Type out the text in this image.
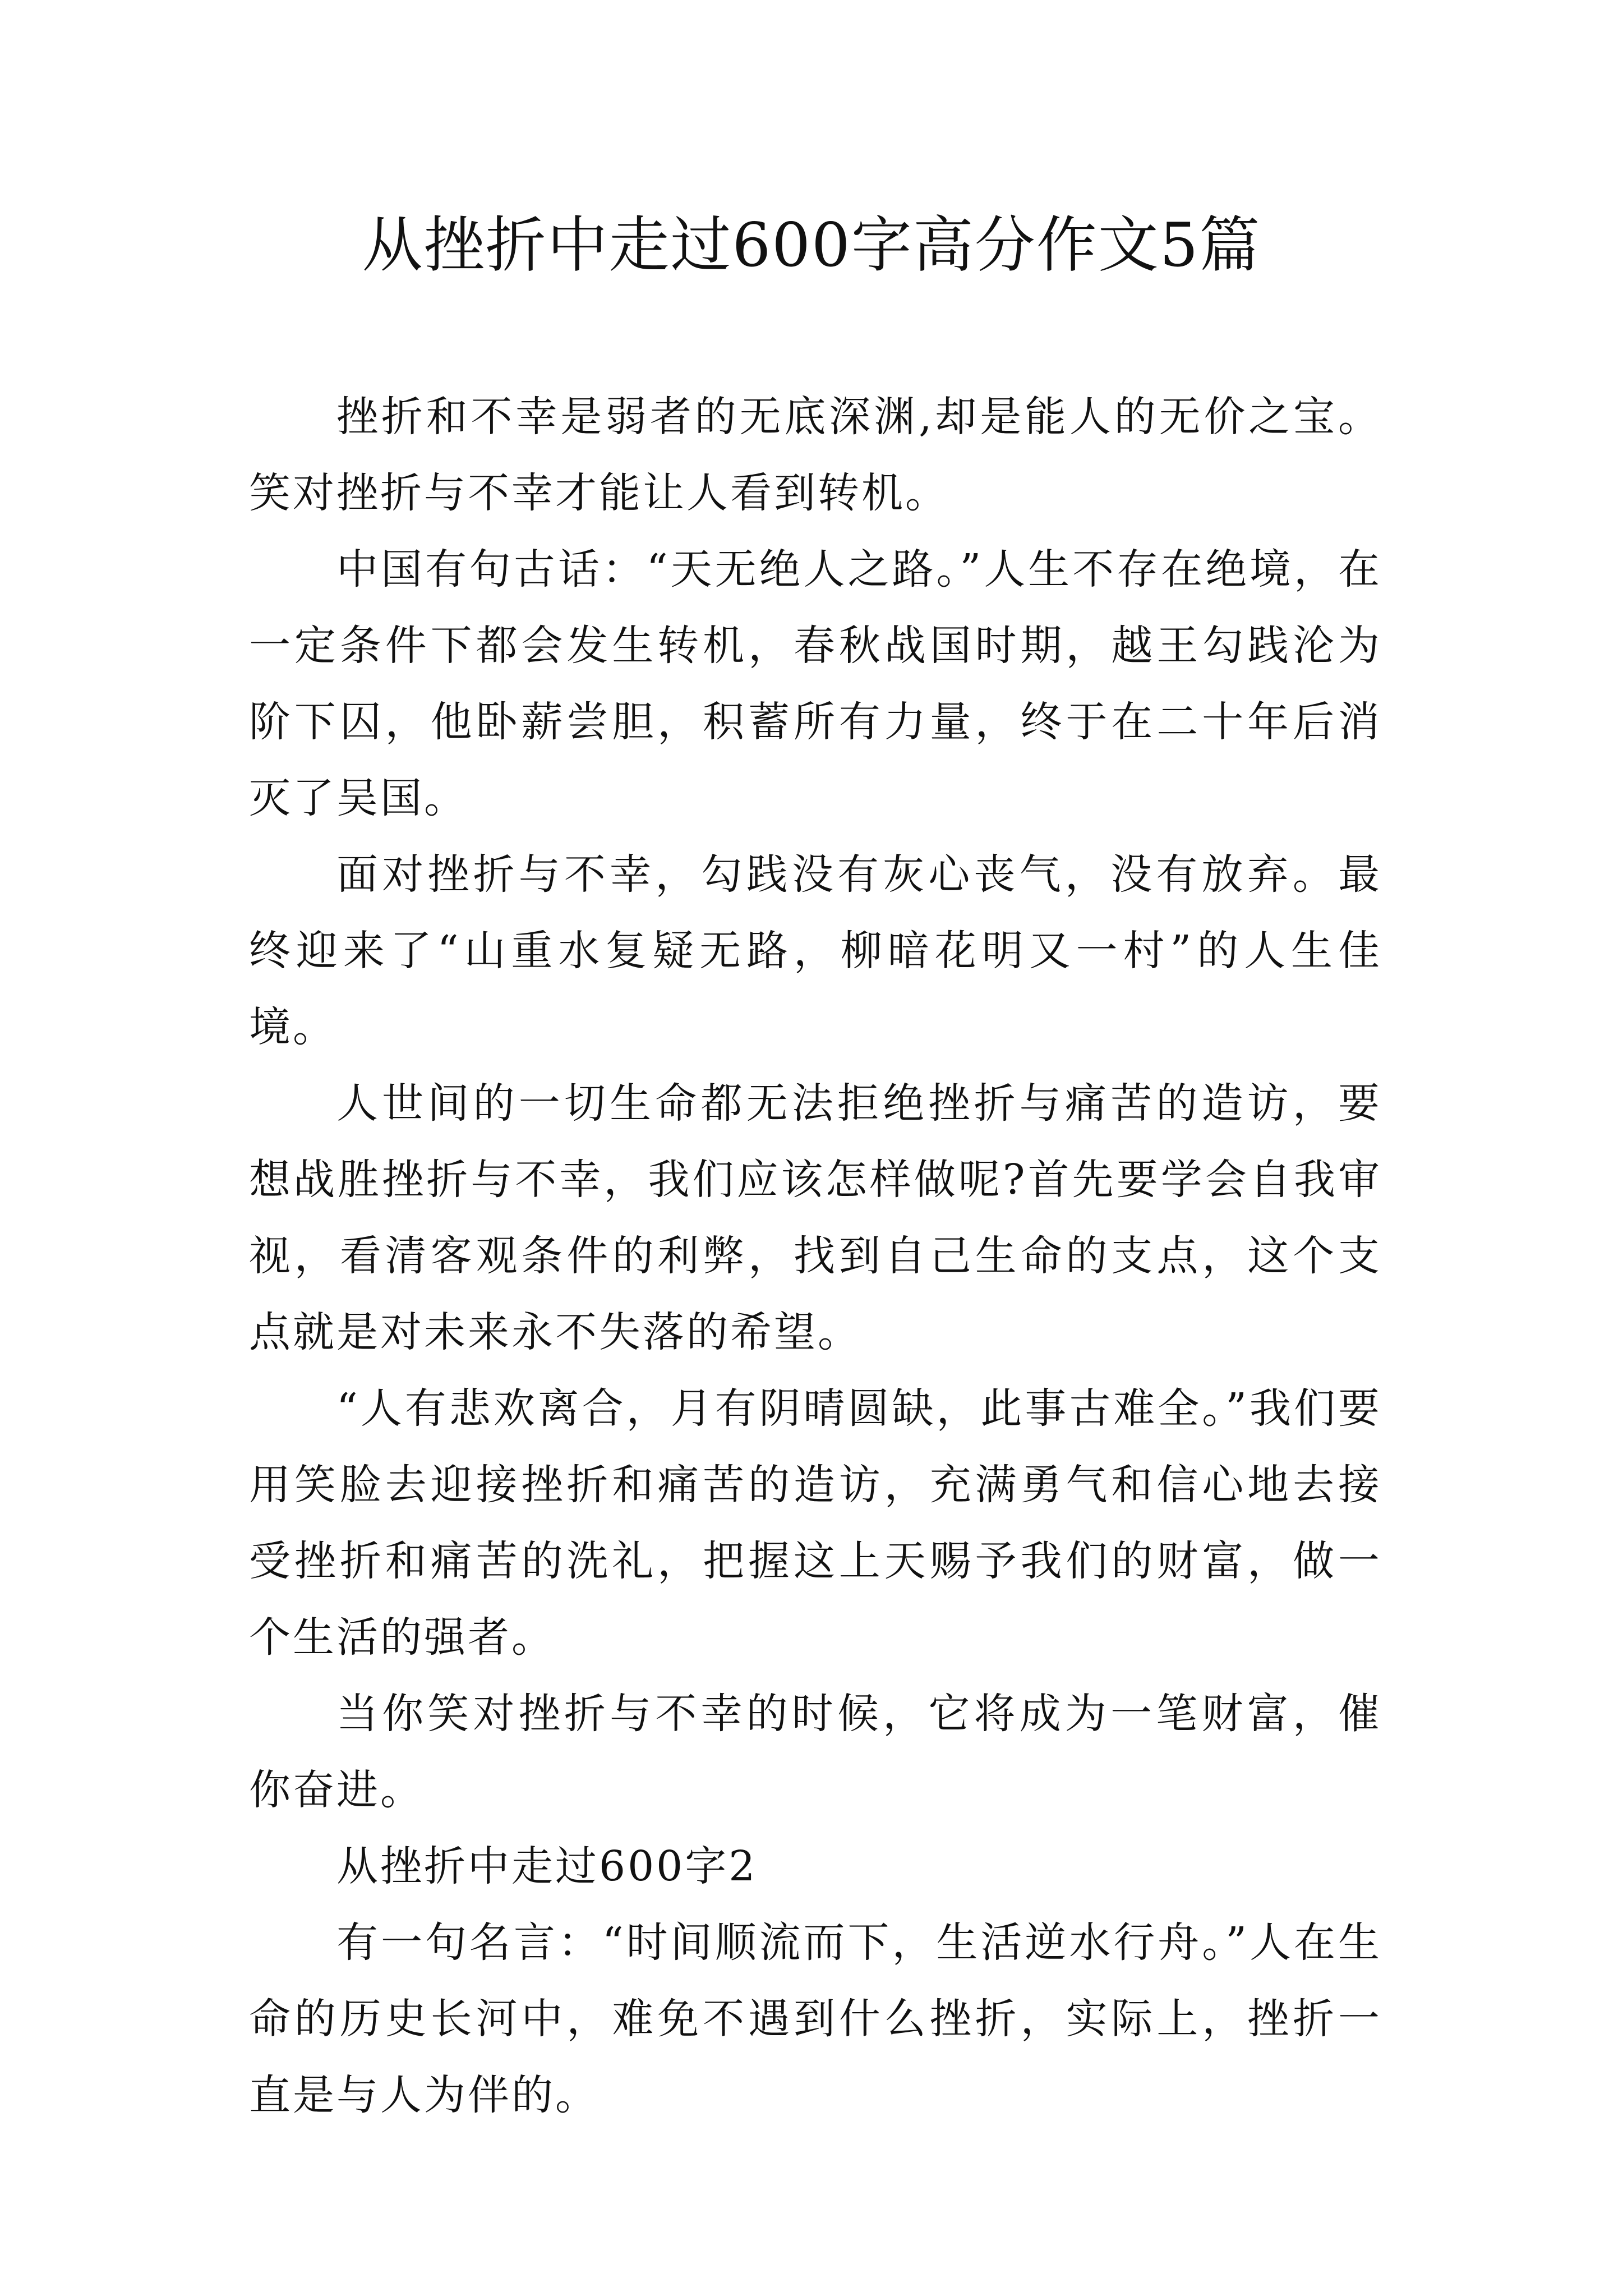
从挫折中走过600字高分作文5篇

挫折和不幸是弱者的无底深渊,却是能人的无价之宝。笑对挫折与不幸才能让人看到转机。

中国有句古话：“天无绝人之路。”人生不存在绝境，在一定条件下都会发生转机，春秋战国时期，越王勾践沦为阶下囚，他卧薪尝胆，积蓄所有力量，终于在二十年后消灭了吴国。

面对挫折与不幸，勾践没有灰心丧气，没有放弃。最终迎来了“山重水复疑无路，柳暗花明又一村”的人生佳境。

人世间的一切生命都无法拒绝挫折与痛苦的造访，要想战胜挫折与不幸，我们应该怎样做呢?首先要学会自我审视，看清客观条件的利弊，找到自己生命的支点，这个支点就是对未来永不失落的希望。

“人有悲欢离合，月有阴晴圆缺，此事古难全。”我们要用笑脸去迎接挫折和痛苦的造访，充满勇气和信心地去接受挫折和痛苦的洗礼，把握这上天赐予我们的财富，做一个生活的强者。

当你笑对挫折与不幸的时候，它将成为一笔财富，催你奋进。

从挫折中走过600字2

有一句名言：“时间顺流而下，生活逆水行舟。”人在生命的历史长河中，难免不遇到什么挫折，实际上，挫折一直是与人为伴的。
